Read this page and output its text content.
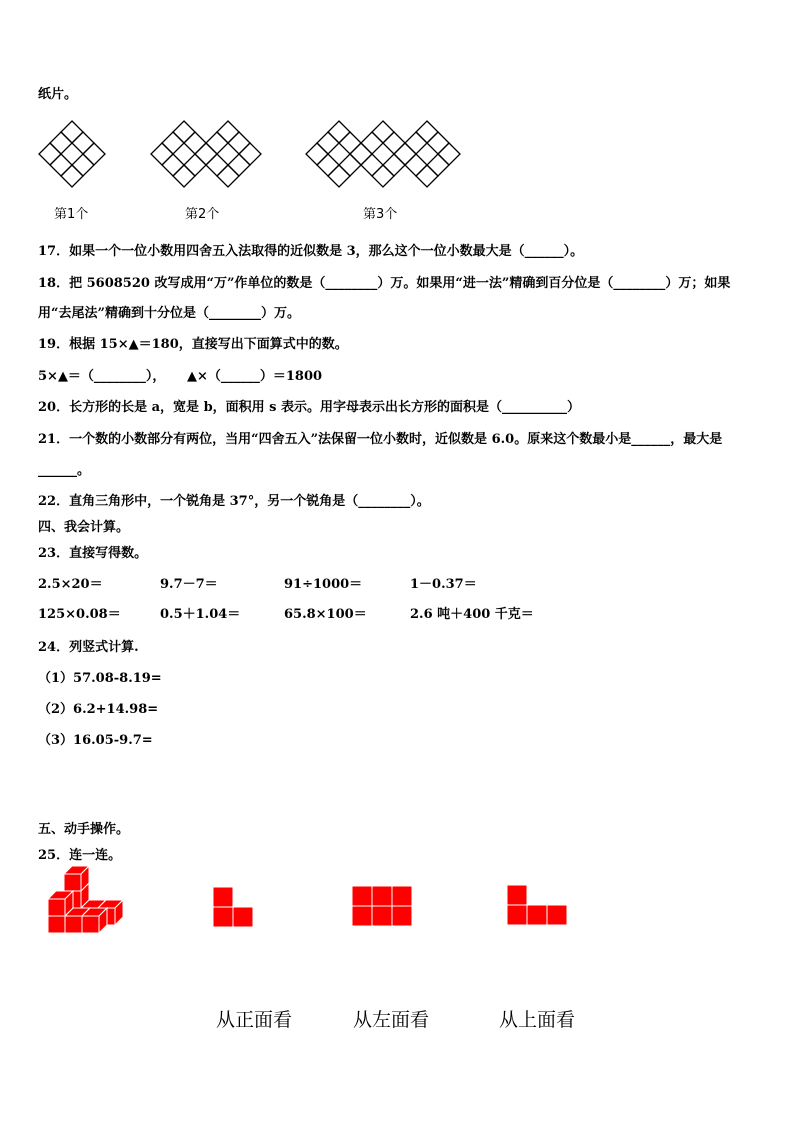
纸片。
第1个	第2个	第3个
17．如果一个一位小数用四舍五入法取得的近似数是 3，那么这个一位小数最大是（______）。
18．把 5608520 改写成用“万”作单位的数是（________）万。如果用“进一法”精确到百分位是（________）万；如果
用“去尾法”精确到十分位是（________）万。
19．根据 15×▲＝180，直接写出下面算式中的数。
5×▲＝（________）， ▲×（______）＝1800
20．长方形的长是 a，宽是 b，面积用 s 表示。用字母表示出长方形的面积是（__________）
21．一个数的小数部分有两位，当用“四舍五入”法保留一位小数时，近似数是 6.0。原来这个数最小是______，最大是
______。
22．直角三角形中，一个锐角是 37°，另一个锐角是（________）。
四、我会计算。
23．直接写得数。
2.5×20＝	9.7－7＝	91÷1000＝	1－0.37＝
125×0.08＝	0.5＋1.04＝	65.8×100＝	2.6 吨＋400 千克＝
24．列竖式计算.
（1）57.08-8.19=
（2）6.2+14.98=
（3）16.05-9.7=
五、动手操作。
25．连一连。
从正面看	从左面看	从上面看
